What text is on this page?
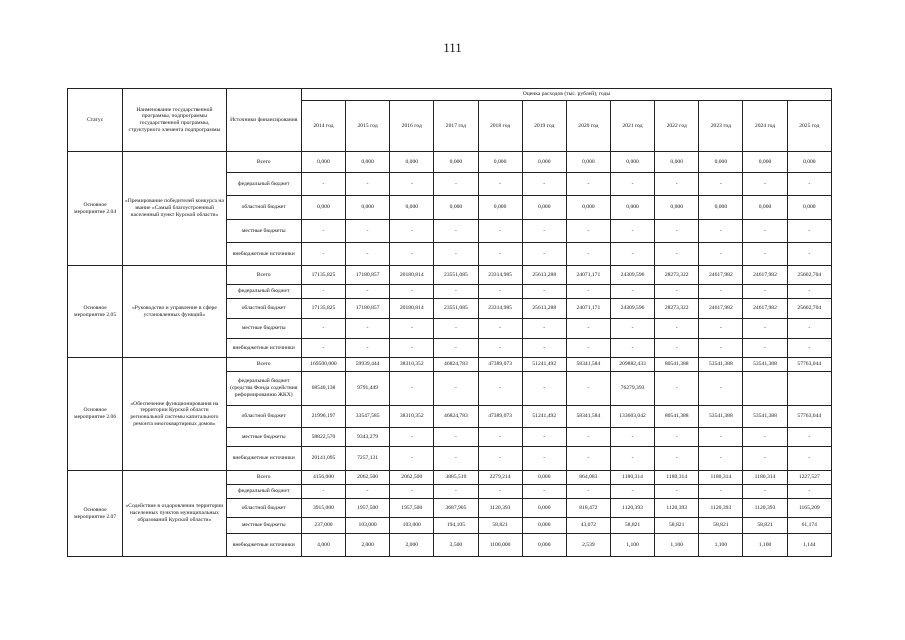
111
Статус	Наименование государственной программы, подпрограммы государственной программы, структурного элемента подпрограммы	Источники финансирования	Оценка расходов (тыс. рублей), годы											
			2014 год	2015 год	2016 год	2017 год	2018 год	2019 год	2020 год	2021 год	2022 год	2023 год	2024 год	2025 год
Основное мероприятие 2.04	«Премирование победителей конкурса на звание «Самый благоустроенный населенный пункт Курской области»	Всего	0,000	0,000	0,000	0,000	0,000	0,000	0,000	0,000	0,000	0,000	0,000	0,000
		федеральный бюджет	-	-	-	-	-	-	-	-	-	-	-	-
		областной бюджет	0,000	0,000	0,000	0,000	0,000	0,000	0,000	0,000	0,000	0,000	0,000	0,000
		местные бюджеты	-	-	-	-	-	-	-	-	-	-	-	-
		внебюджетные источники	-	-	-	-	-	-	-	-	-	-	-	-
Основное мероприятие 2.05	«Руководство и управление в сфере установленных функций»	Всего	17135,825	17180,857	20180,814	23551,085	23314,985	25613,288	24071,171	24309,596	28273,322	24617,982	24617,982	25602,704
		федеральный бюджет	-	-	-	-	-	-	-	-	-	-	-	-
		областной бюджет	17135,825	17180,857	20180,814	23551,085	23314,985	25613,288	24071,171	24309,596	28273,322	24617,982	24617,982	25602,704
		местные бюджеты	-	-	-	-	-	-	-	-	-	-	-	-
		внебюджетные источники	-	-	-	-	-	-	-	-	-	-	-	-
Основное мероприятие 2.06	«Обеспечение функционирования на территории Курской области региональной системы капитального ремонта многоквартирных домов»	Всего	169500,000	59939,444	38310,352	46824,783	47389,073	51241,492	58341,584	209882,433	80541,388	53541,388	53541,388	57763,044
		федеральный бюджет (средства Фонда содействия реформированию ЖКХ)	68540,138	9791,449	-	-	-	-	-	76279,393	-	-		
		областной бюджет	21996,197	33547,585	38310,352	46824,783	47389,073	51241,492	58341,584	133603,042	80541,388	53541,388	53541,388	57763,044
		местные бюджеты	58822,570	9343,279	-	-	-	-	-	-	-	-	-	-
		внебюджетные источники	20141,095	7257,131	-	-	-	-	-	-	-	-	-	-
Основное мероприятие 2.07	«Содействие в оздоровлении территории населенных пунктов муниципальных образований Курской области»	Всего	4156,000	2062,500	2062,500	3885,510	2279,214	0,000	864,083	1180,314	1180,314	1180,314	1180,314	1227,527
		федеральный бюджет	-	-	-	-	-	-	-	-	-	-	-	-
		областной бюджет	3915,000	1957,500	1957,500	3687,905	1120,393	0,000	818,472	1120,393	1120,393	1120,393	1120,393	1165,209
		местные бюджеты	237,000	103,000	103,000	194,105	58,821	0,000	43,072	58,821	58,821	58,821	58,821	61,174
		внебюджетные источники	4,000	2,000	2,000	3,500	1100,000	0,000	2,539	1,100	1,100	1,100	1,100	1,144
